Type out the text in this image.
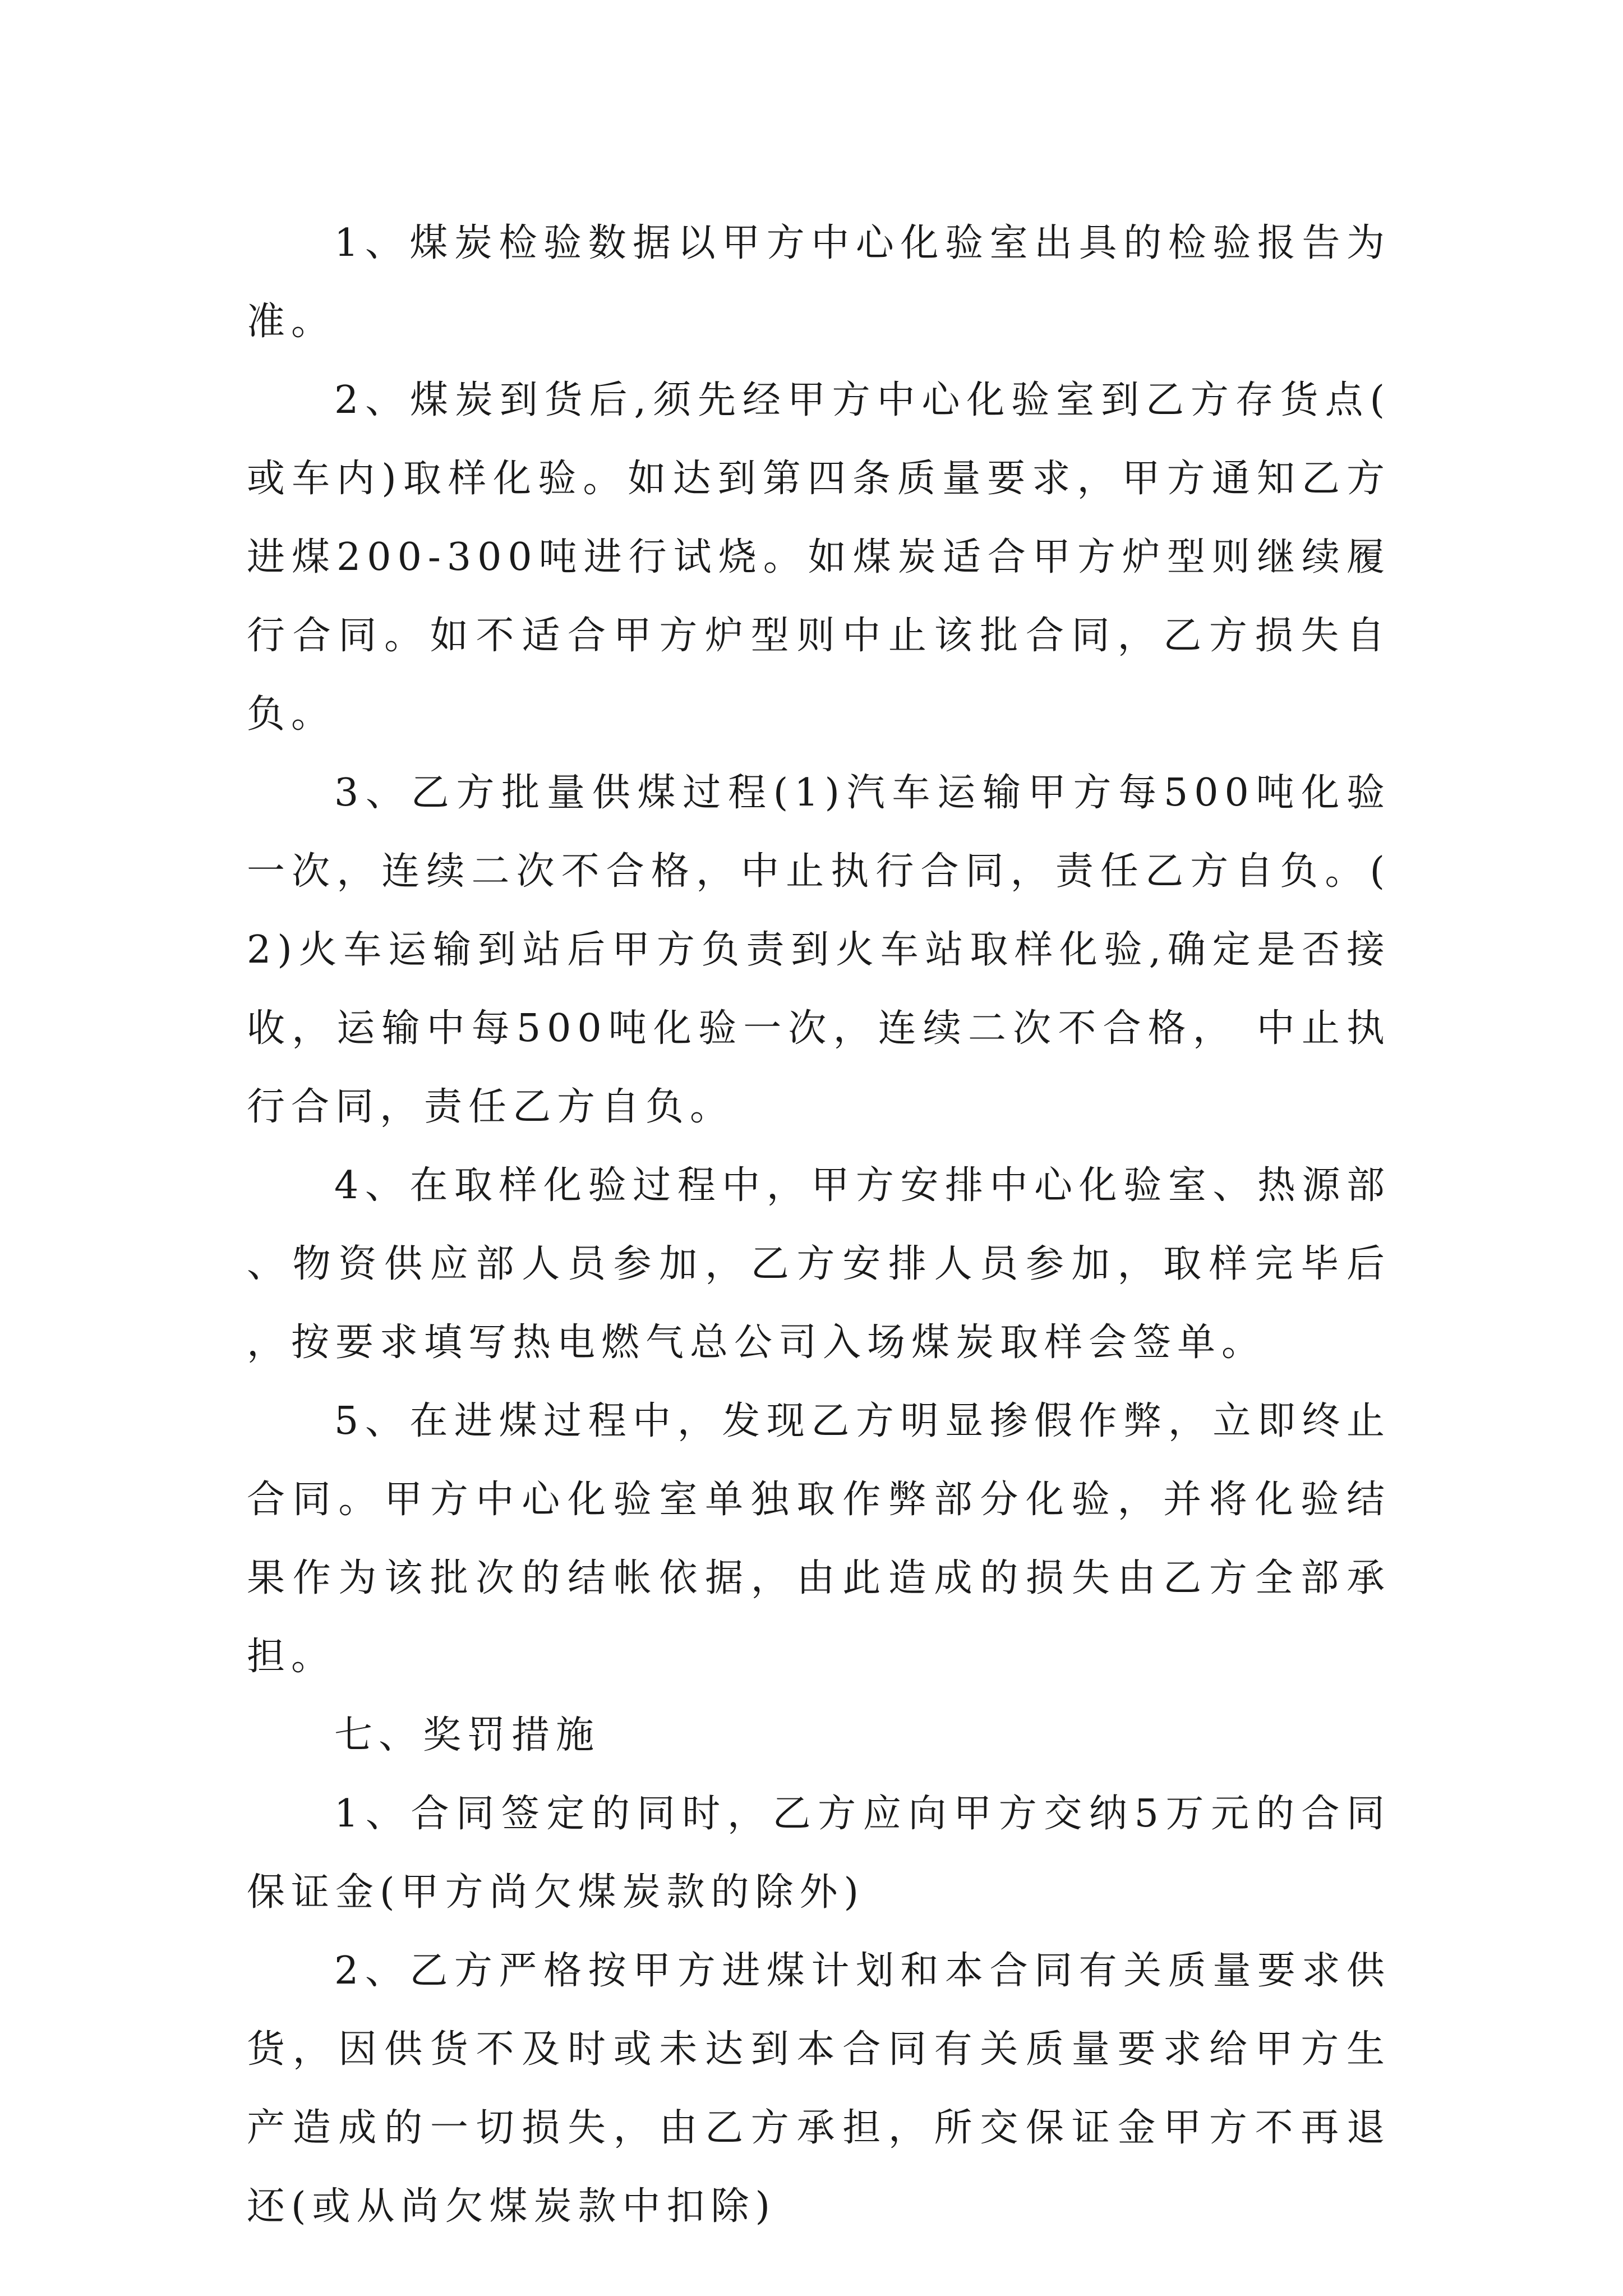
1、煤炭检验数据以甲方中心化验室出具的检验报告为准。

2、煤炭到货后,须先经甲方中心化验室到乙方存货点(或车内)取样化验。如达到第四条质量要求，甲方通知乙方进煤200-300吨进行试烧。如煤炭适合甲方炉型则继续履行合同。如不适合甲方炉型则中止该批合同，乙方损失自负。

3、乙方批量供煤过程(1)汽车运输甲方每500吨化验一次，连续二次不合格，中止执行合同，责任乙方自负。(2)火车运输到站后甲方负责到火车站取样化验,确定是否接收，运输中每500吨化验一次，连续二次不合格， 中止执行合同，责任乙方自负。

4、在取样化验过程中，甲方安排中心化验室、热源部、物资供应部人员参加，乙方安排人员参加，取样完毕后，按要求填写热电燃气总公司入场煤炭取样会签单。

5、在进煤过程中，发现乙方明显掺假作弊，立即终止合同。甲方中心化验室单独取作弊部分化验，并将化验结果作为该批次的结帐依据，由此造成的损失由乙方全部承担。

七、奖罚措施

1、合同签定的同时，乙方应向甲方交纳5万元的合同保证金(甲方尚欠煤炭款的除外)

2、乙方严格按甲方进煤计划和本合同有关质量要求供货，因供货不及时或未达到本合同有关质量要求给甲方生产造成的一切损失，由乙方承担，所交保证金甲方不再退还(或从尚欠煤炭款中扣除)
